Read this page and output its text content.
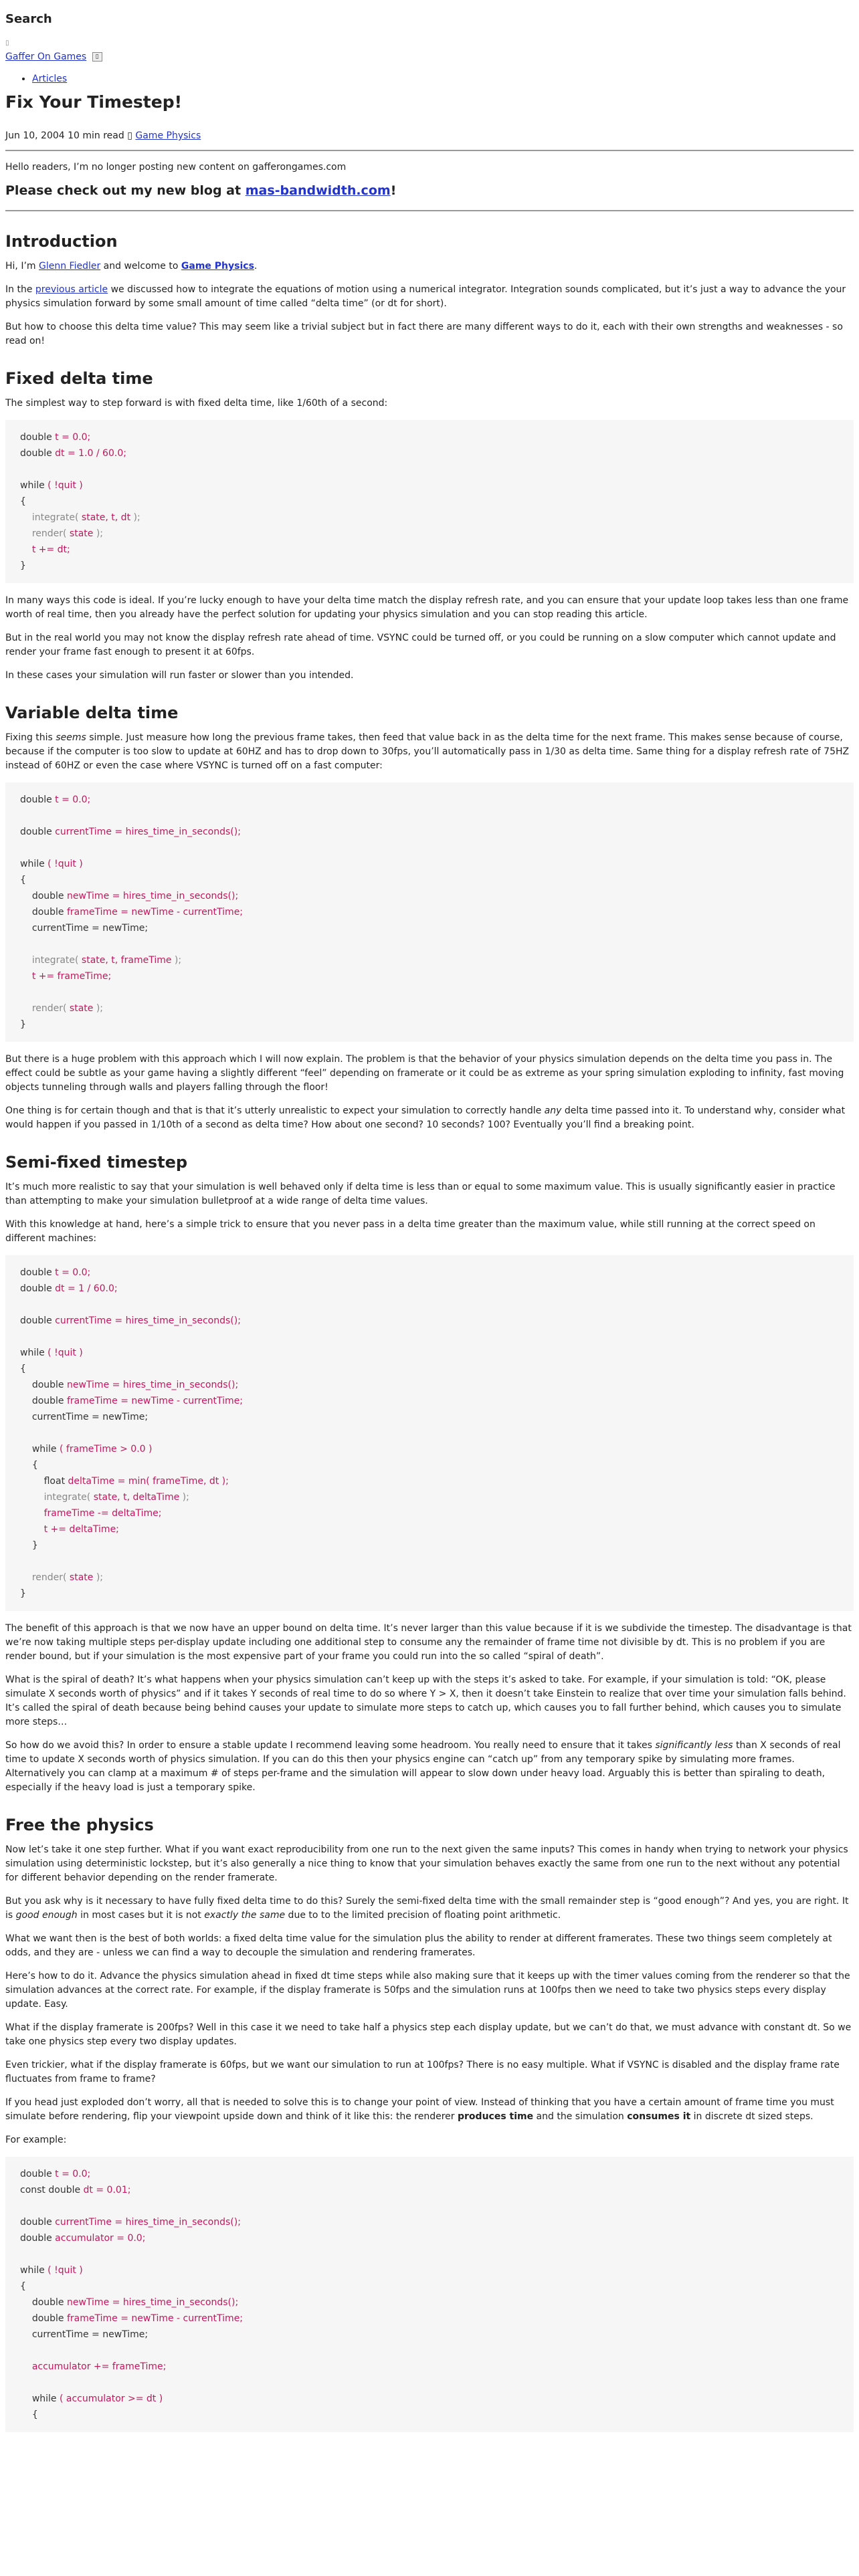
Search
▯
Gaffer On Games ▯
• Articles
Fix Your Timestep!
Jun 10, 2004 10 min read ▯ Game Physics

Hello readers, I’m no longer posting new content on gafferongames.com

Please check out my new blog at mas-bandwidth.com!
Introduction

Hi, I’m Glenn Fiedler and welcome to Game Physics.

In the previous article we discussed how to integrate the equations of motion using a numerical integrator. Integration sounds complicated, but it’s just a way to advance the your physics simulation forward by some small amount of time called “delta time” (or dt for short).

But how to choose this delta time value? This may seem like a trivial subject but in fact there are many different ways to do it, each with their own strengths and weaknesses - so read on!

Fixed delta time

The simplest way to step forward is with fixed delta time, like 1/60th of a second:

double t = 0.0;
double dt = 1.0 / 60.0;

while ( !quit )
{
integrate( state, t, dt );
render( state );
t += dt;
}

In many ways this code is ideal. If you’re lucky enough to have your delta time match the display refresh rate, and you can ensure that your update loop takes less than one frame worth of real time, then you already have the perfect solution for updating your physics simulation and you can stop reading this article.

But in the real world you may not know the display refresh rate ahead of time. VSYNC could be turned off, or you could be running on a slow computer which cannot update and render your frame fast enough to present it at 60fps.

In these cases your simulation will run faster or slower than you intended.

Variable delta time

Fixing this seems simple. Just measure how long the previous frame takes, then feed that value back in as the delta time for the next frame. This makes sense because of course, because if the computer is too slow to update at 60HZ and has to drop down to 30fps, you’ll automatically pass in 1/30 as delta time. Same thing for a display refresh rate of 75HZ instead of 60HZ or even the case where VSYNC is turned off on a fast computer:

double t = 0.0;

double currentTime = hires_time_in_seconds();

while ( !quit )
{
double newTime = hires_time_in_seconds();
double frameTime = newTime - currentTime;
currentTime = newTime;

integrate( state, t, frameTime );
t += frameTime;

render( state );
}

But there is a huge problem with this approach which I will now explain. The problem is that the behavior of your physics simulation depends on the delta time you pass in. The effect could be subtle as your game having a slightly different “feel” depending on framerate or it could be as extreme as your spring simulation exploding to infinity, fast moving objects tunneling through walls and players falling through the floor!

One thing is for certain though and that is that it’s utterly unrealistic to expect your simulation to correctly handle any delta time passed into it. To understand why, consider what would happen if you passed in 1/10th of a second as delta time? How about one second? 10 seconds? 100? Eventually you’ll find a breaking point.

Semi-fixed timestep

It’s much more realistic to say that your simulation is well behaved only if delta time is less than or equal to some maximum value. This is usually significantly easier in practice than attempting to make your simulation bulletproof at a wide range of delta time values.

With this knowledge at hand, here’s a simple trick to ensure that you never pass in a delta time greater than the maximum value, while still running at the correct speed on different machines:

double t = 0.0;
double dt = 1 / 60.0;

double currentTime = hires_time_in_seconds();

while ( !quit )
{
double newTime = hires_time_in_seconds();
double frameTime = newTime - currentTime;
currentTime = newTime;

while ( frameTime > 0.0 )
{
float deltaTime = min( frameTime, dt );
integrate( state, t, deltaTime );
frameTime -= deltaTime;
t += deltaTime;
}

render( state );
}

The benefit of this approach is that we now have an upper bound on delta time. It’s never larger than this value because if it is we subdivide the timestep. The disadvantage is that we’re now taking multiple steps per-display update including one additional step to consume any the remainder of frame time not divisible by dt. This is no problem if you are render bound, but if your simulation is the most expensive part of your frame you could run into the so called “spiral of death”.

What is the spiral of death? It’s what happens when your physics simulation can’t keep up with the steps it’s asked to take. For example, if your simulation is told: “OK, please simulate X seconds worth of physics” and if it takes Y seconds of real time to do so where Y > X, then it doesn’t take Einstein to realize that over time your simulation falls behind. It’s called the spiral of death because being behind causes your update to simulate more steps to catch up, which causes you to fall further behind, which causes you to simulate more steps…

So how do we avoid this? In order to ensure a stable update I recommend leaving some headroom. You really need to ensure that it takes significantly less than X seconds of real time to update X seconds worth of physics simulation. If you can do this then your physics engine can “catch up” from any temporary spike by simulating more frames. Alternatively you can clamp at a maximum # of steps per-frame and the simulation will appear to slow down under heavy load. Arguably this is better than spiraling to death, especially if the heavy load is just a temporary spike.

Free the physics

Now let’s take it one step further. What if you want exact reproducibility from one run to the next given the same inputs? This comes in handy when trying to network your physics simulation using deterministic lockstep, but it’s also generally a nice thing to know that your simulation behaves exactly the same from one run to the next without any potential for different behavior depending on the render framerate.

But you ask why is it necessary to have fully fixed delta time to do this? Surely the semi-fixed delta time with the small remainder step is “good enough”? And yes, you are right. It is good enough in most cases but it is not exactly the same due to to the limited precision of floating point arithmetic.

What we want then is the best of both worlds: a fixed delta time value for the simulation plus the ability to render at different framerates. These two things seem completely at odds, and they are - unless we can find a way to decouple the simulation and rendering framerates.

Here’s how to do it. Advance the physics simulation ahead in fixed dt time steps while also making sure that it keeps up with the timer values coming from the renderer so that the simulation advances at the correct rate. For example, if the display framerate is 50fps and the simulation runs at 100fps then we need to take two physics steps every display update. Easy.

What if the display framerate is 200fps? Well in this case it we need to take half a physics step each display update, but we can’t do that, we must advance with constant dt. So we take one physics step every two display updates.

Even trickier, what if the display framerate is 60fps, but we want our simulation to run at 100fps? There is no easy multiple. What if VSYNC is disabled and the display frame rate fluctuates from frame to frame?

If you head just exploded don’t worry, all that is needed to solve this is to change your point of view. Instead of thinking that you have a certain amount of frame time you must simulate before rendering, flip your viewpoint upside down and think of it like this: the renderer produces time and the simulation consumes it in discrete dt sized steps.

For example:

double t = 0.0;
const double dt = 0.01;

double currentTime = hires_time_in_seconds();
double accumulator = 0.0;

while ( !quit )
{
double newTime = hires_time_in_seconds();
double frameTime = newTime - currentTime;
currentTime = newTime;

accumulator += frameTime;

while ( accumulator >= dt )
{
